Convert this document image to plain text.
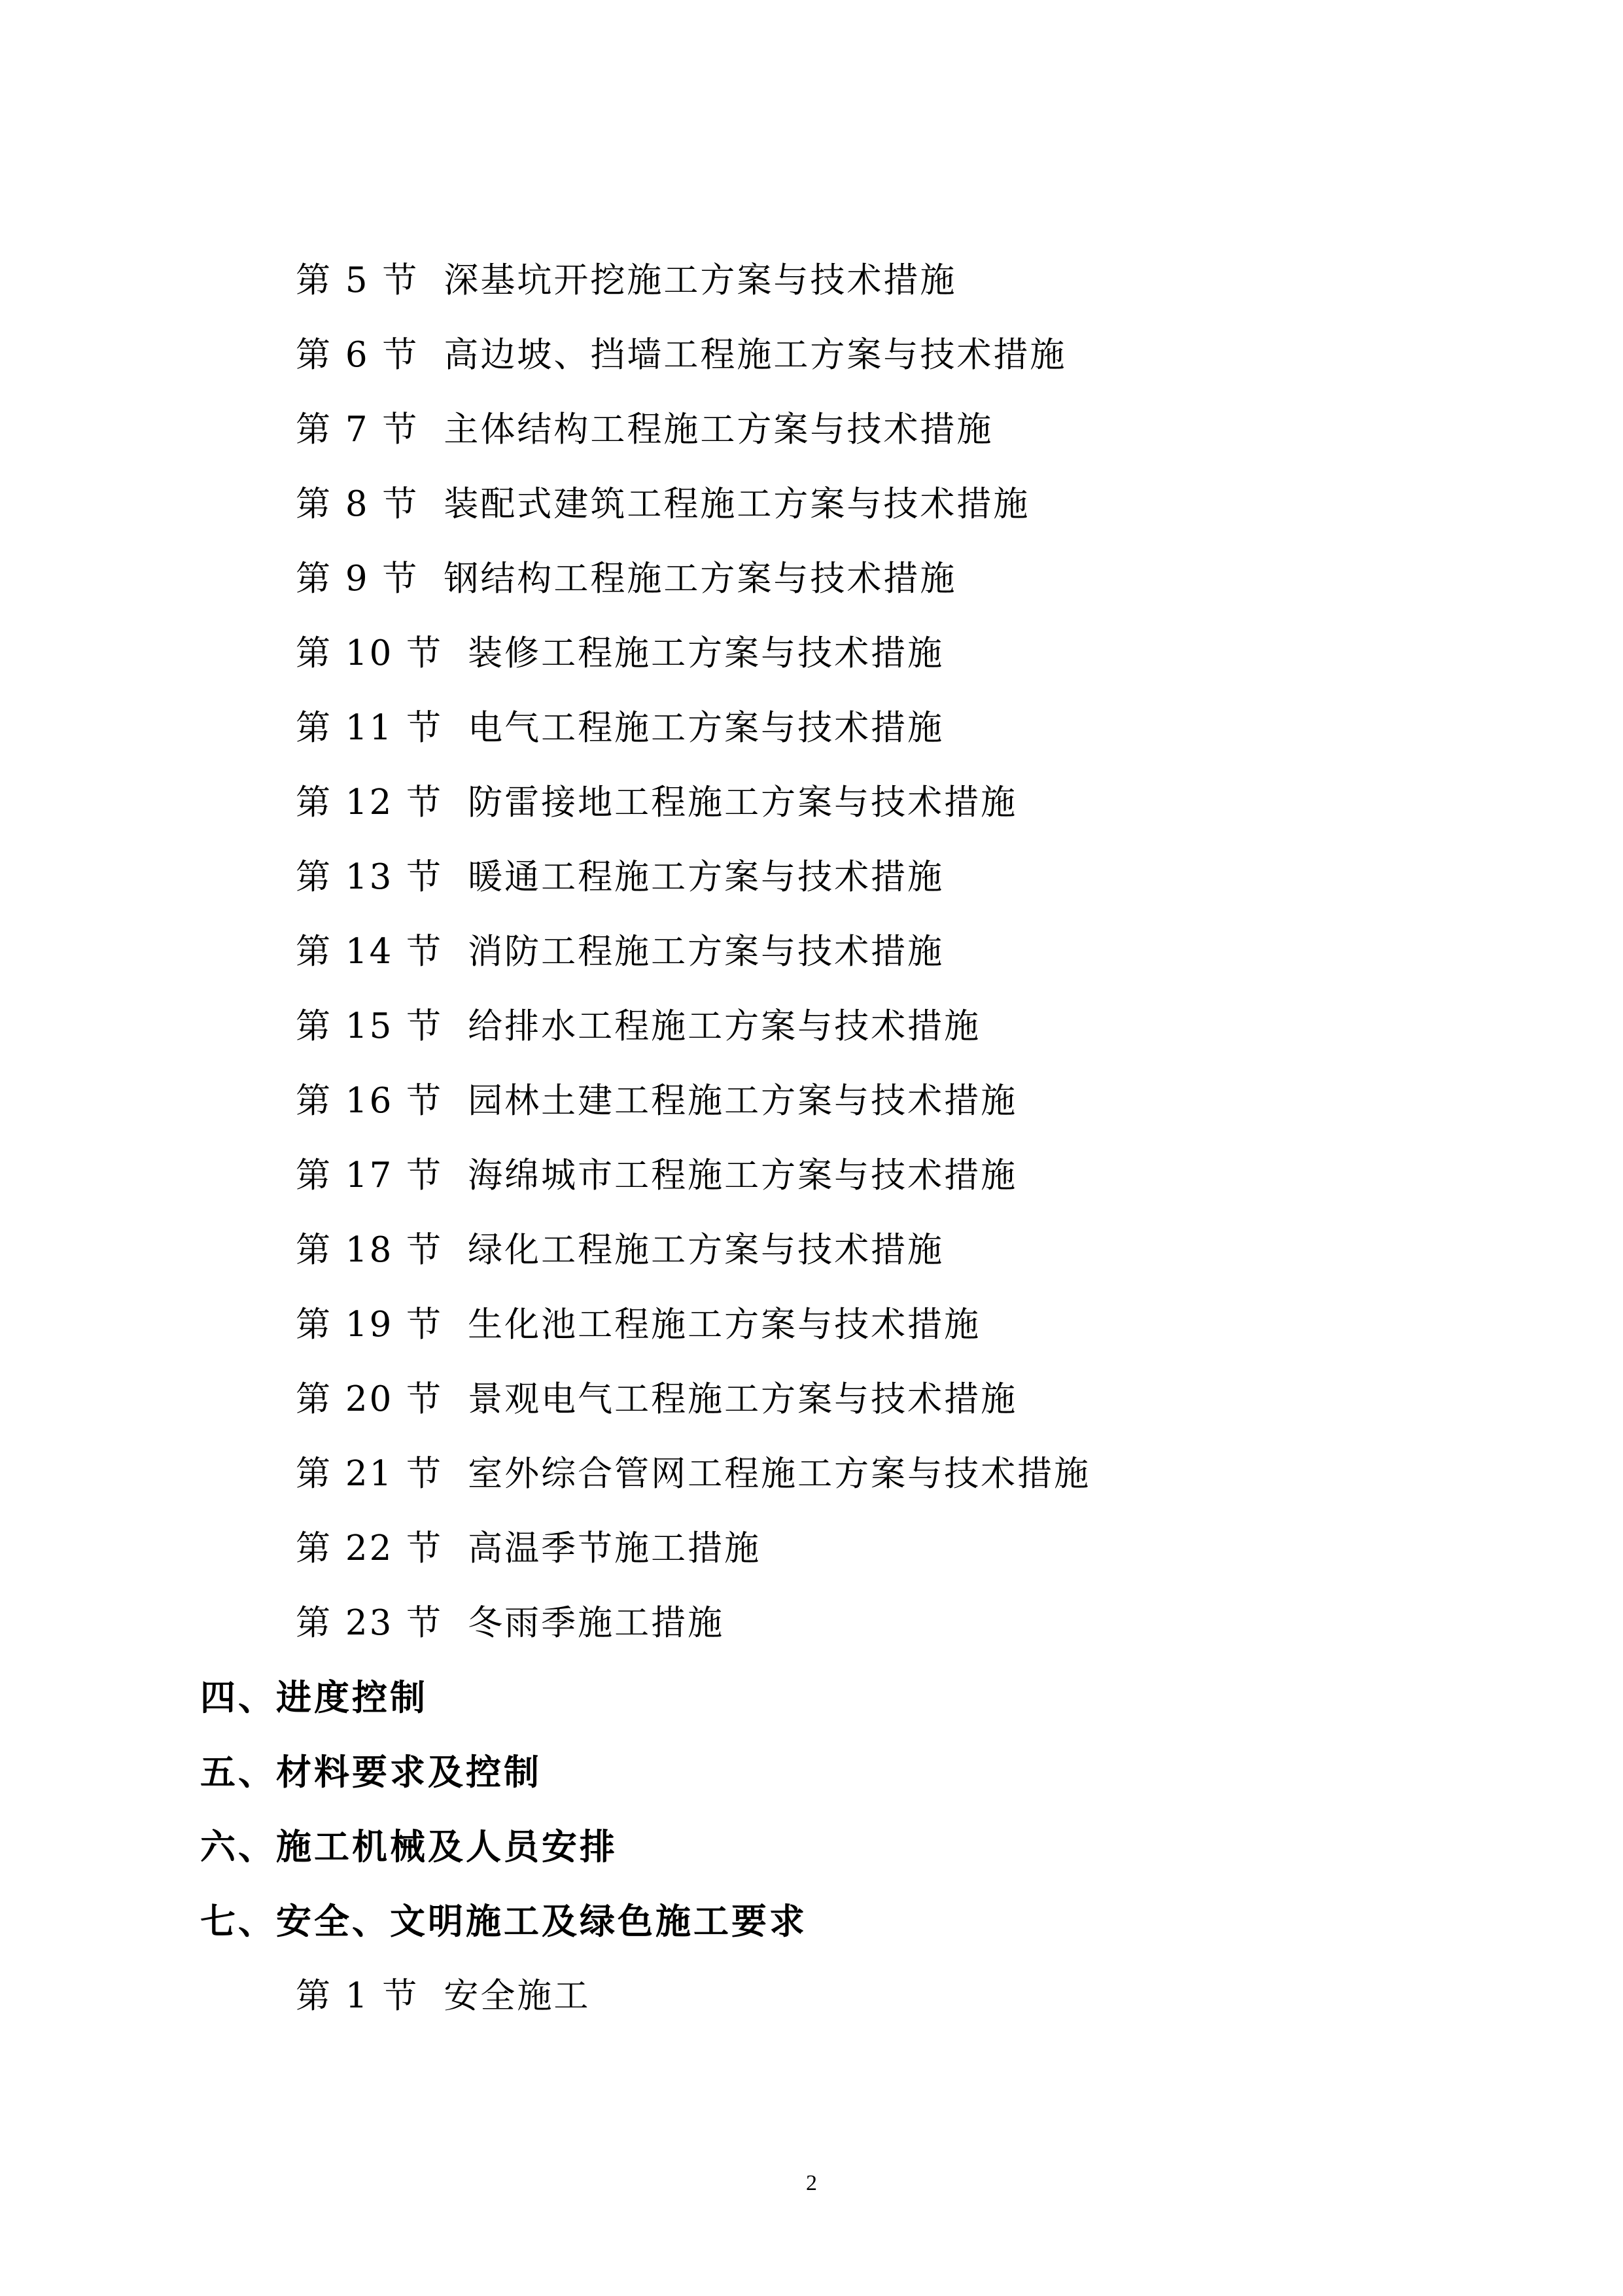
第 5 节 深基坑开挖施工方案与技术措施
第 6 节 高边坡、挡墙工程施工方案与技术措施
第 7 节 主体结构工程施工方案与技术措施
第 8 节 装配式建筑工程施工方案与技术措施
第 9 节 钢结构工程施工方案与技术措施
第 10 节 装修工程施工方案与技术措施
第 11 节 电气工程施工方案与技术措施
第 12 节 防雷接地工程施工方案与技术措施
第 13 节 暖通工程施工方案与技术措施
第 14 节 消防工程施工方案与技术措施
第 15 节 给排水工程施工方案与技术措施
第 16 节 园林土建工程施工方案与技术措施
第 17 节 海绵城市工程施工方案与技术措施
第 18 节 绿化工程施工方案与技术措施
第 19 节 生化池工程施工方案与技术措施
第 20 节 景观电气工程施工方案与技术措施
第 21 节 室外综合管网工程施工方案与技术措施
第 22 节 高温季节施工措施
第 23 节 冬雨季施工措施
四、进度控制
五、材料要求及控制
六、施工机械及人员安排
七、安全、文明施工及绿色施工要求
第 1 节 安全施工
2
